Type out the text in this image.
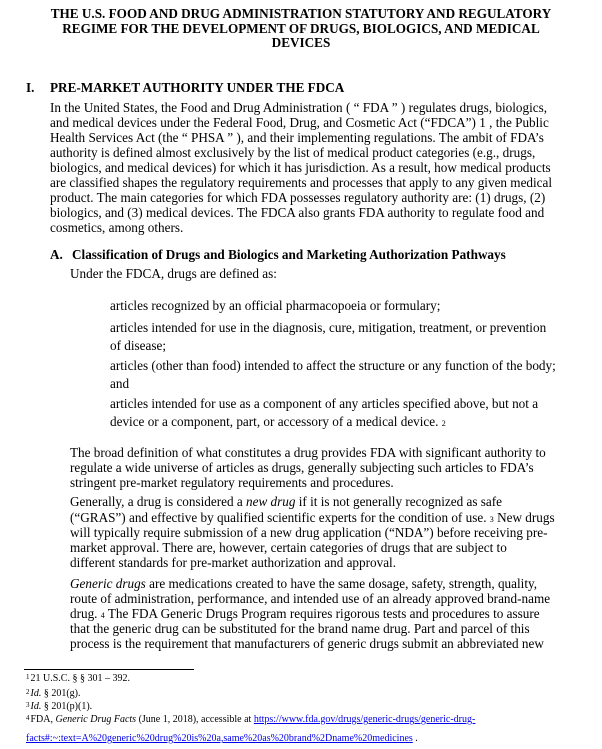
THE U.S. FOOD AND DRUG ADMINISTRATION STATUTORY AND REGULATORY
REGIME FOR THE DEVELOPMENT OF DRUGS, BIOLOGICS, AND MEDICAL
DEVICES
I. PRE-MARKET AUTHORITY UNDER THE FDCA
In the United States, the Food and Drug Administration ( “ FDA ” ) regulates drugs, biologics,
and medical devices under the Federal Food, Drug, and Cosmetic Act (“FDCA”) 1 , the Public
Health Services Act (the “ PHSA ” ), and their implementing regulations. The ambit of FDA’s
authority is defined almost exclusively by the list of medical product categories (e.g., drugs,
biologics, and medical devices) for which it has jurisdiction. As a result, how medical products
are classified shapes the regulatory requirements and processes that apply to any given medical
product. The main categories for which FDA possesses regulatory authority are: (1) drugs, (2)
biologics, and (3) medical devices. The FDCA also grants FDA authority to regulate food and
cosmetics, among others.
A. Classification of Drugs and Biologics and Marketing Authorization Pathways
Under the FDCA, drugs are defined as:
articles recognized by an official pharmacopoeia or formulary;
articles intended for use in the diagnosis, cure, mitigation, treatment, or prevention
of disease;
articles (other than food) intended to affect the structure or any function of the body;
and
articles intended for use as a component of any articles specified above, but not a
device or a component, part, or accessory of a medical device. 2
The broad definition of what constitutes a drug provides FDA with significant authority to
regulate a wide universe of articles as drugs, generally subjecting such articles to FDA’s
stringent pre-market regulatory requirements and procedures.
Generally, a drug is considered a new drug if it is not generally recognized as safe
(“GRAS”) and effective by qualified scientific experts for the condition of use. 3 New drugs
will typically require submission of a new drug application (“NDA”) before receiving pre-
market approval. There are, however, certain categories of drugs that are subject to
different standards for pre-market authorization and approval.
Generic drugs are medications created to have the same dosage, safety, strength, quality,
route of administration, performance, and intended use of an already approved brand-name
drug. 4 The FDA Generic Drugs Program requires rigorous tests and procedures to assure
that the generic drug can be substituted for the brand name drug. Part and parcel of this
process is the requirement that manufacturers of generic drugs submit an abbreviated new
$^1$21 U.S.C. § § 301 – 392.
$^2$Id. § 201(g).
$^3$Id. § 201(p)(1).
$^4$FDA, Generic Drug Facts (June 1, 2018), accessible at https://www.fda.gov/drugs/generic-drugs/generic-drug-
facts#:~:text=A%20generic%20drug%20is%20a,same%20as%20brand%2Dname%20medicines .
